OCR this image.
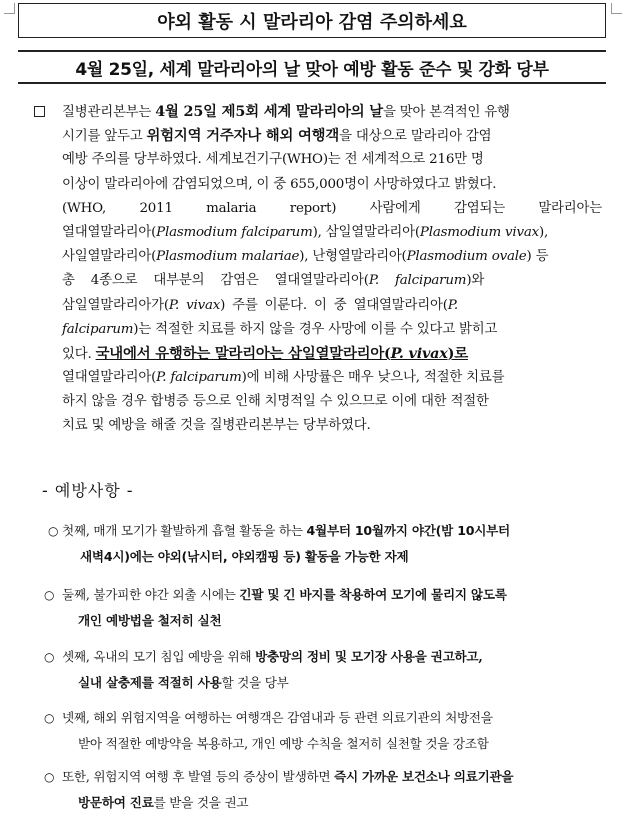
야외 활동 시 말라리아 감염 주의하세요
4월 25일, 세계 말라리아의 날 맞아 예방 활동 준수 및 강화 당부
질병관리본부는 4월 25일 제5회 세계 말라리아의 날을 맞아 본격적인 유행
시기를 앞두고 위험지역 거주자나 해외 여행객을 대상으로 말라리아 감염
예방 주의를 당부하였다. 세계보건기구(WHO)는 전 세계적으로 216만 명
이상이 말라리아에 감염되었으며, 이 중 655,000명이 사망하였다고 밝혔다.
(WHO, 2011 malaria report) 사람에게 감염되는 말라리아는
열대열말라리아(Plasmodium falciparum), 삼일열말라리아(Plasmodium vivax),
사일열말라리아(Plasmodium malariae), 난형열말라리아(Plasmodium ovale) 등
총 4종으로 대부분의 감염은 열대열말라리아(P. falciparum)와
삼일열말라리아가(P. vivax) 주를 이룬다. 이 중 열대열말라리아(P.
falciparum)는 적절한 치료를 하지 않을 경우 사망에 이를 수 있다고 밝히고
있다. 국내에서 유행하는 말라리아는 삼일열말라리아(P. vivax)로
열대열말라리아(P. falciparum)에 비해 사망률은 매우 낮으나, 적절한 치료를
하지 않을 경우 합병증 등으로 인해 치명적일 수 있으므로 이에 대한 적절한
치료 및 예방을 해줄 것을 질병관리본부는 당부하였다.
- 예방사항 -
○ 첫째, 매개 모기가 활발하게 흡혈 활동을 하는 4월부터 10월까지 야간(밤 10시부터
새벽4시)에는 야외(낚시터, 야외캠핑 등) 활동을 가능한 자제
○ 둘째, 불가피한 야간 외출 시에는 긴팔 및 긴 바지를 착용하여 모기에 물리지 않도록
개인 예방법을 철저히 실천
○ 셋째, 옥내의 모기 침입 예방을 위해 방충망의 정비 및 모기장 사용을 권고하고,
실내 살충제를 적절히 사용할 것을 당부
○ 넷째, 해외 위험지역을 여행하는 여행객은 감염내과 등 관련 의료기관의 처방전을
받아 적절한 예방약을 복용하고, 개인 예방 수칙을 철저히 실천할 것을 강조함
○ 또한, 위험지역 여행 후 발열 등의 증상이 발생하면 즉시 가까운 보건소나 의료기관을
방문하여 진료를 받을 것을 권고
